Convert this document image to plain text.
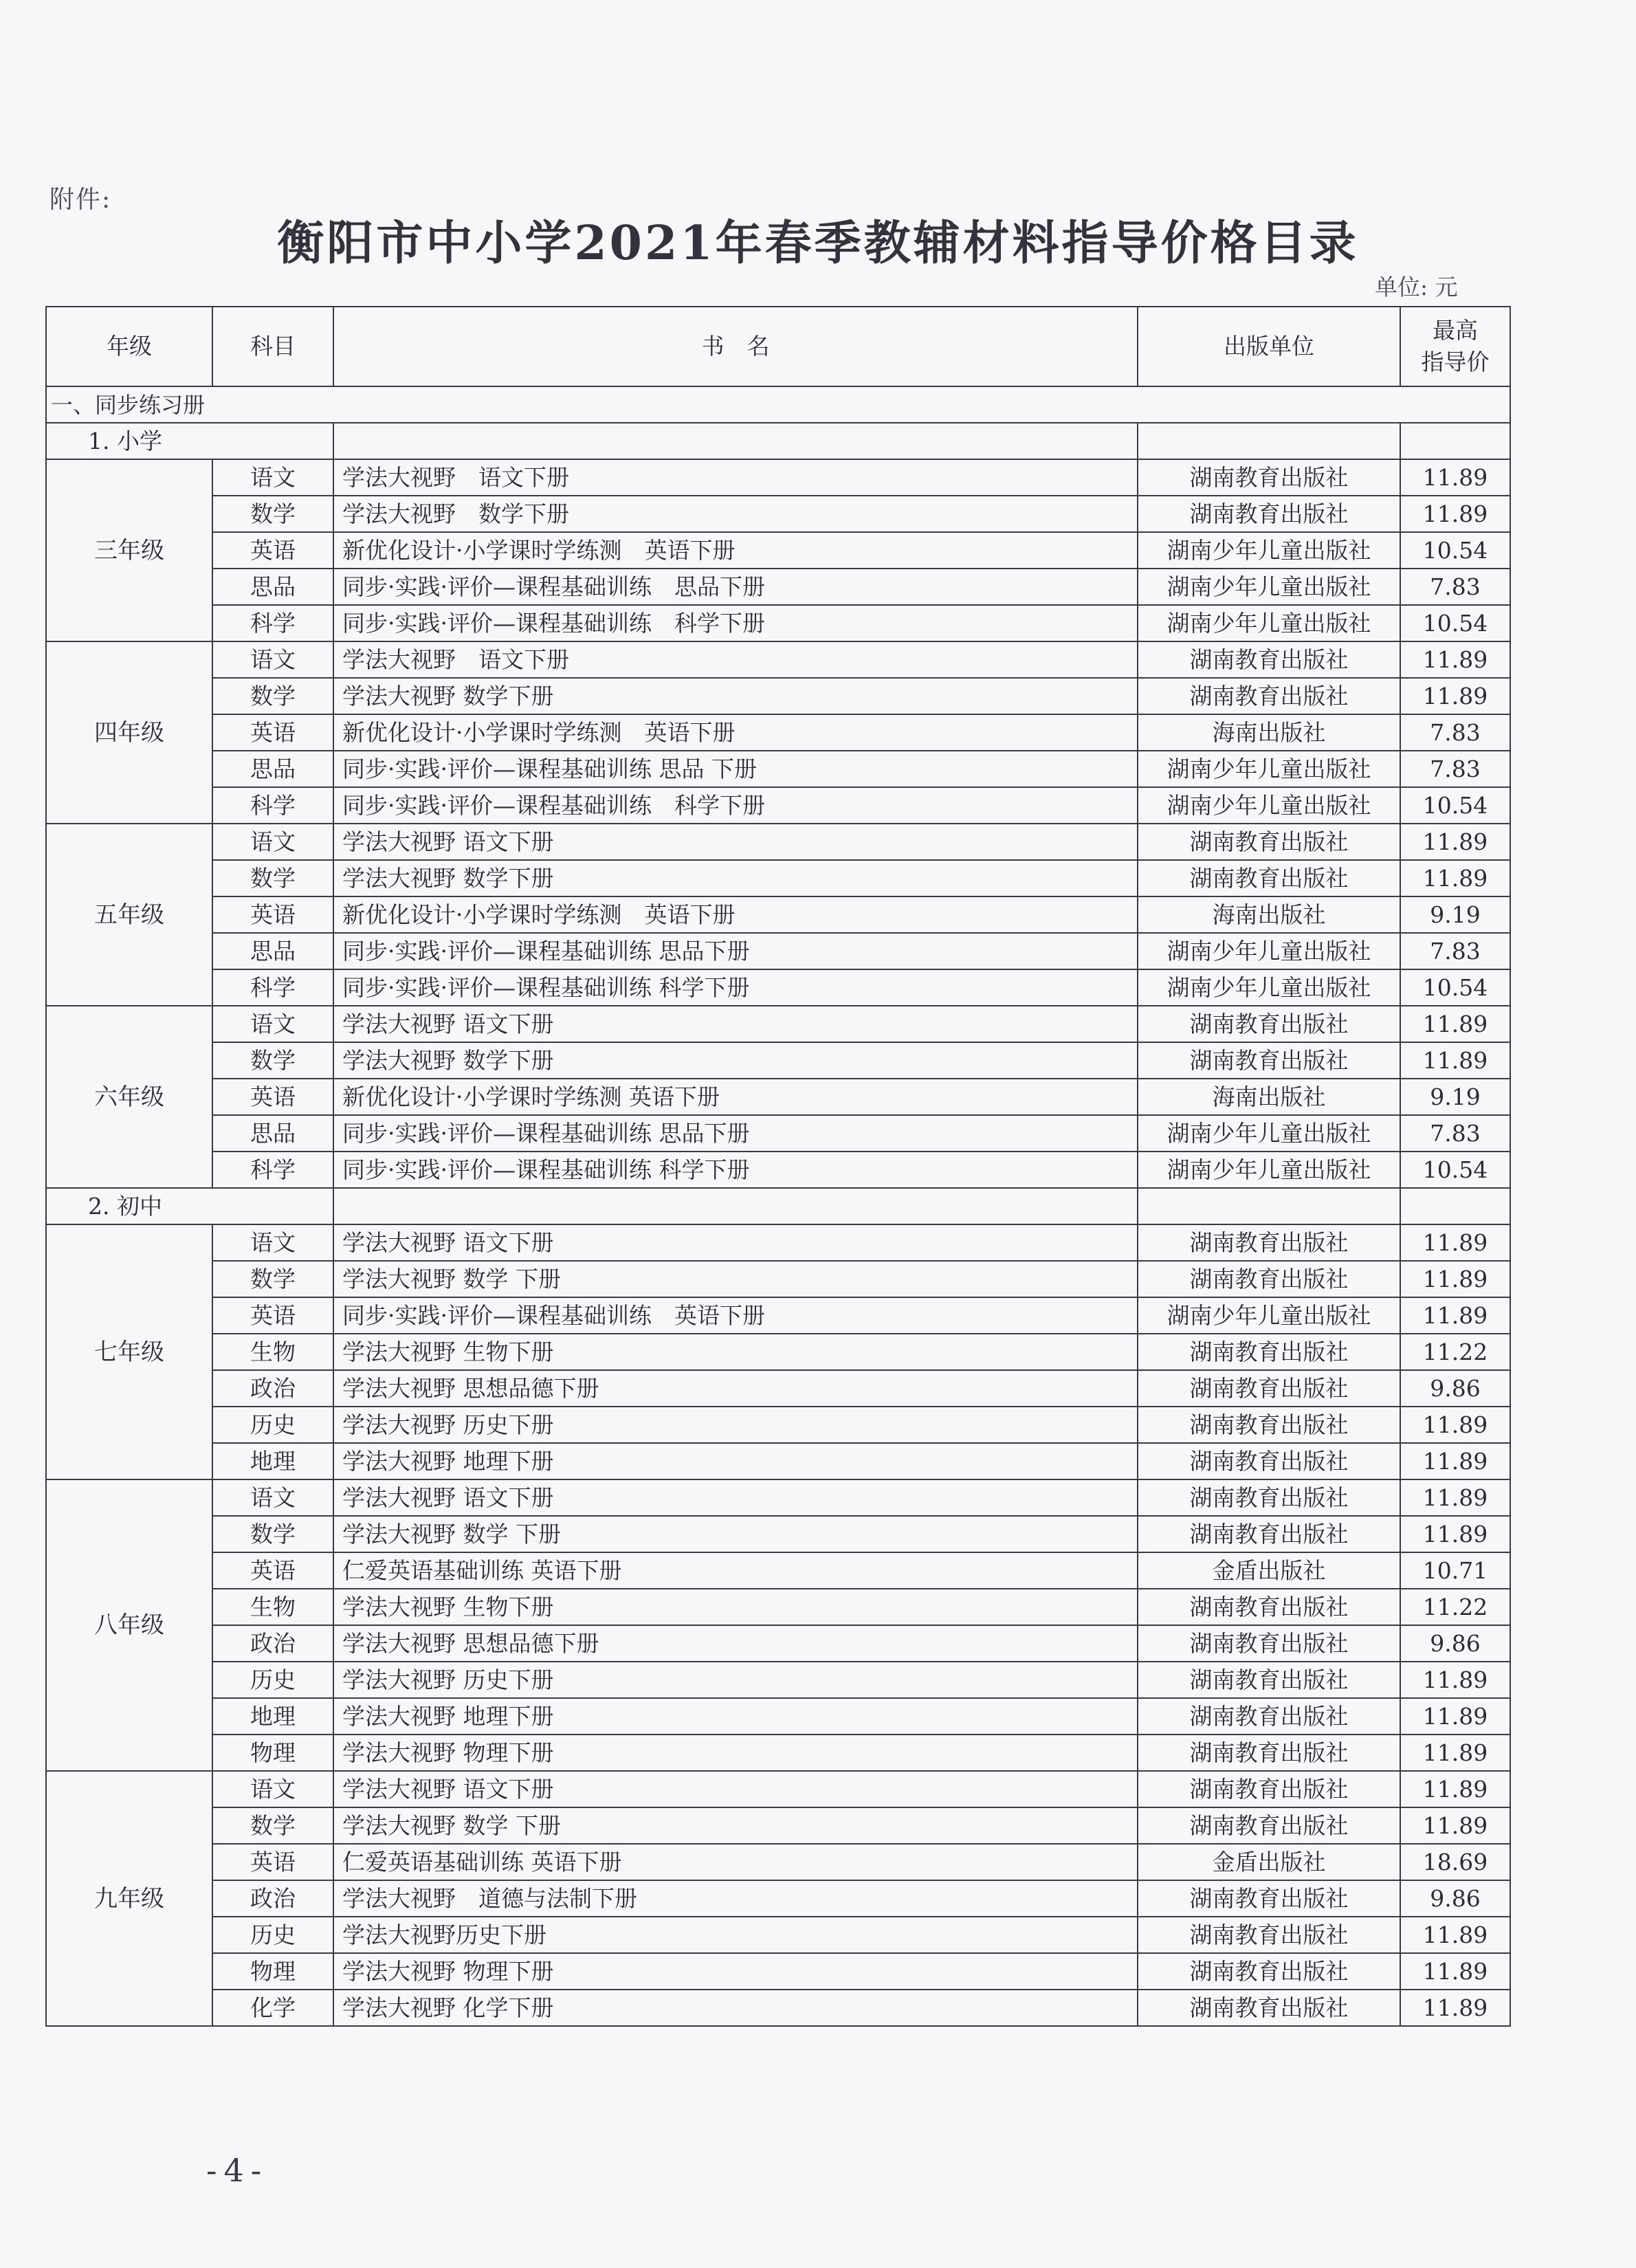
附件:
衡阳市中小学2021年春季教辅材料指导价格目录
单位: 元
年级	科目	书　名	出版单位	最高
指导价
一、同步练习册				
1. 小学				
三年级	语文	学法大视野　语文下册	湖南教育出版社	11.89
	数学	学法大视野　数学下册	湖南教育出版社	11.89
	英语	新优化设计·小学课时学练测　英语下册	湖南少年儿童出版社	10.54
	思品	同步·实践·评价—课程基础训练　思品下册	湖南少年儿童出版社	7.83
	科学	同步·实践·评价—课程基础训练　科学下册	湖南少年儿童出版社	10.54
四年级	语文	学法大视野　语文下册	湖南教育出版社	11.89
	数学	学法大视野 数学下册	湖南教育出版社	11.89
	英语	新优化设计·小学课时学练测　英语下册	海南出版社	7.83
	思品	同步·实践·评价—课程基础训练 思品 下册	湖南少年儿童出版社	7.83
	科学	同步·实践·评价—课程基础训练　科学下册	湖南少年儿童出版社	10.54
五年级	语文	学法大视野 语文下册	湖南教育出版社	11.89
	数学	学法大视野 数学下册	湖南教育出版社	11.89
	英语	新优化设计·小学课时学练测　英语下册	海南出版社	9.19
	思品	同步·实践·评价—课程基础训练 思品下册	湖南少年儿童出版社	7.83
	科学	同步·实践·评价—课程基础训练 科学下册	湖南少年儿童出版社	10.54
六年级	语文	学法大视野 语文下册	湖南教育出版社	11.89
	数学	学法大视野 数学下册	湖南教育出版社	11.89
	英语	新优化设计·小学课时学练测 英语下册	海南出版社	9.19
	思品	同步·实践·评价—课程基础训练 思品下册	湖南少年儿童出版社	7.83
	科学	同步·实践·评价—课程基础训练 科学下册	湖南少年儿童出版社	10.54
2. 初中				
七年级	语文	学法大视野 语文下册	湖南教育出版社	11.89
	数学	学法大视野 数学 下册	湖南教育出版社	11.89
	英语	同步·实践·评价—课程基础训练　英语下册	湖南少年儿童出版社	11.89
	生物	学法大视野 生物下册	湖南教育出版社	11.22
	政治	学法大视野 思想品德下册	湖南教育出版社	9.86
	历史	学法大视野 历史下册	湖南教育出版社	11.89
	地理	学法大视野 地理下册	湖南教育出版社	11.89
八年级	语文	学法大视野 语文下册	湖南教育出版社	11.89
	数学	学法大视野 数学 下册	湖南教育出版社	11.89
	英语	仁爱英语基础训练 英语下册	金盾出版社	10.71
	生物	学法大视野 生物下册	湖南教育出版社	11.22
	政治	学法大视野 思想品德下册	湖南教育出版社	9.86
	历史	学法大视野 历史下册	湖南教育出版社	11.89
	地理	学法大视野 地理下册	湖南教育出版社	11.89
	物理	学法大视野 物理下册	湖南教育出版社	11.89
九年级	语文	学法大视野 语文下册	湖南教育出版社	11.89
	数学	学法大视野 数学 下册	湖南教育出版社	11.89
	英语	仁爱英语基础训练 英语下册	金盾出版社	18.69
	政治	学法大视野　道德与法制下册	湖南教育出版社	9.86
	历史	学法大视野历史下册	湖南教育出版社	11.89
	物理	学法大视野 物理下册	湖南教育出版社	11.89
	化学	学法大视野 化学下册	湖南教育出版社	11.89
-4-
